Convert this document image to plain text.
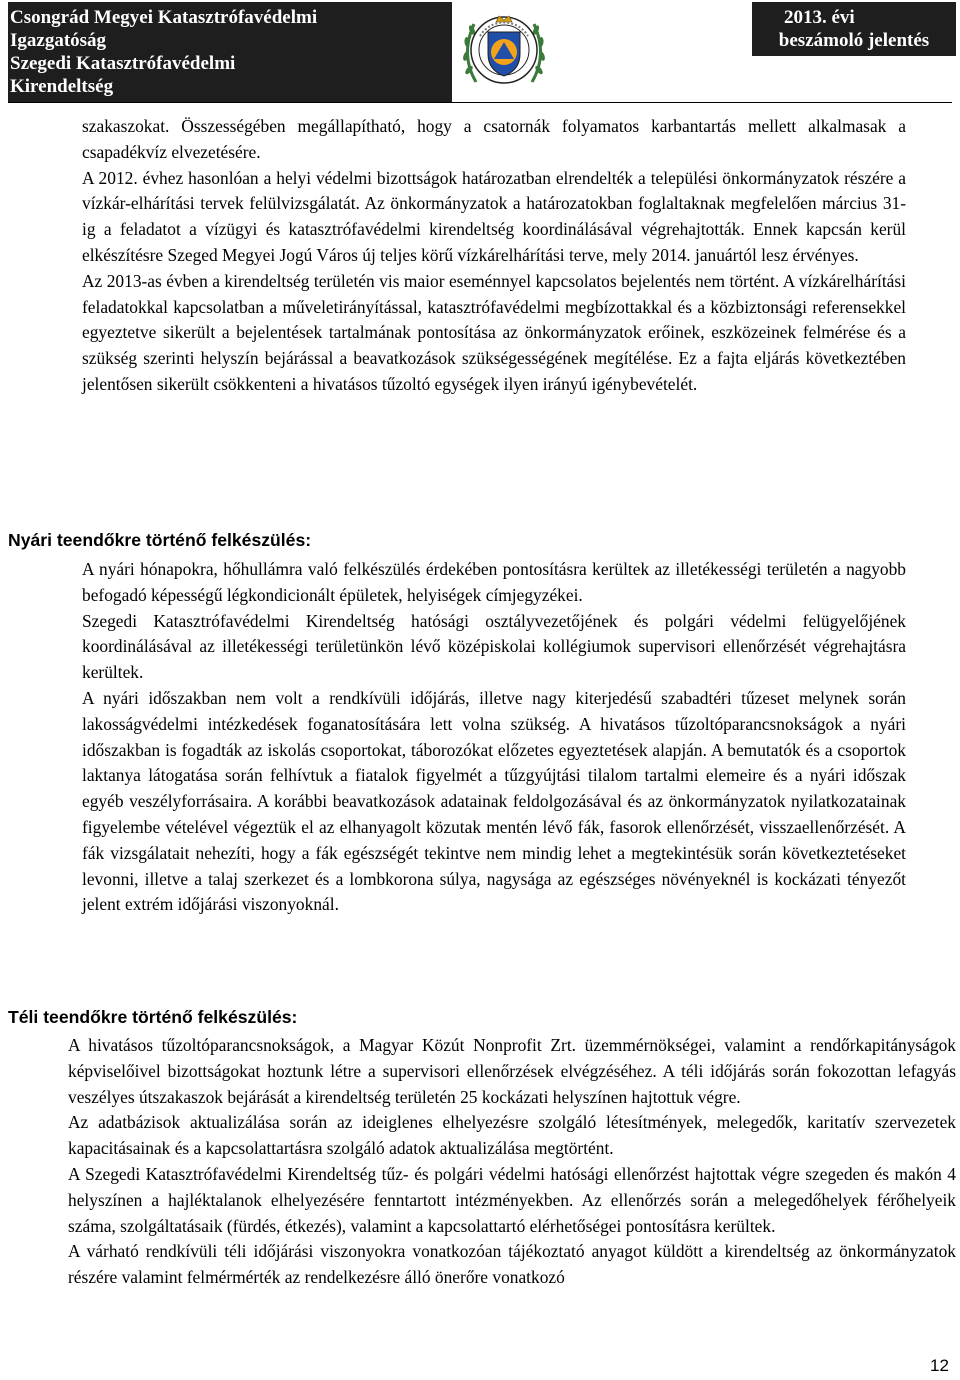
Csongrád Megyei Katasztrófavédelmi
Igazgatóság
Szegedi Katasztrófavédelmi
Kirendeltség
2013. évi
beszámoló jelentés

szakaszokat. Összességében megállapítható, hogy a csatornák folyamatos karbantartás mellett alkalmasak a csapadékvíz elvezetésére.

A 2012. évhez hasonlóan a helyi védelmi bizottságok határozatban elrendelték a települési önkormányzatok részére a vízkár-elhárítási tervek felülvizsgálatát. Az önkormányzatok a határozatokban foglaltaknak megfelelően március 31-ig a feladatot a vízügyi és katasztrófavédelmi kirendeltség koordinálásával végrehajtották. Ennek kapcsán kerül elkészítésre Szeged Megyei Jogú Város új teljes körű vízkárelhárítási terve, mely 2014. januártól lesz érvényes.

Az 2013-as évben a kirendeltség területén vis maior eseménnyel kapcsolatos bejelentés nem történt. A vízkárelhárítási feladatokkal kapcsolatban a műveletirányítással, katasztrófavédelmi megbízottakkal és a közbiztonsági referensekkel egyeztetve sikerült a bejelentések tartalmának pontosítása az önkormányzatok erőinek, eszközeinek felmérése és a szükség szerinti helyszín bejárással a beavatkozások szükségességének megítélése. Ez a fajta eljárás következtében jelentősen sikerült csökkenteni a hivatásos tűzoltó egységek ilyen irányú igénybevételét.

Nyári teendőkre történő felkészülés:

A nyári hónapokra, hőhullámra való felkészülés érdekében pontosításra kerültek az illetékességi területén a nagyobb befogadó képességű légkondicionált épületek, helyiségek címjegyzékei.

Szegedi Katasztrófavédelmi Kirendeltség hatósági osztályvezetőjének és polgári védelmi felügyelőjének koordinálásával az illetékességi területünkön lévő középiskolai kollégiumok supervisori ellenőrzését végrehajtásra kerültek.

A nyári időszakban nem volt a rendkívüli időjárás, illetve nagy kiterjedésű szabadtéri tűzeset melynek során lakosságvédelmi intézkedések foganatosítására lett volna szükség. A hivatásos tűzoltóparancsnokságok a nyári időszakban is fogadták az iskolás csoportokat, táborozókat előzetes egyeztetések alapján. A bemutatók és a csoportok laktanya látogatása során felhívtuk a fiatalok figyelmét a tűzgyújtási tilalom tartalmi elemeire és a nyári időszak egyéb veszélyforrásaira. A korábbi beavatkozások adatainak feldolgozásával és az önkormányzatok nyilatkozatainak figyelembe vételével végeztük el az elhanyagolt közutak mentén lévő fák, fasorok ellenőrzését, visszaellenőrzését. A fák vizsgálatait nehezíti, hogy a fák egészségét tekintve nem mindig lehet a megtekintésük során következtetéseket levonni, illetve a talaj szerkezet és a lombkorona súlya, nagysága az egészséges növényeknél is kockázati tényezőt jelent extrém időjárási viszonyoknál.

Téli teendőkre történő felkészülés:

A hivatásos tűzoltóparancsnokságok, a Magyar Közút Nonprofit Zrt. üzemmérnökségei, valamint a rendőrkapitányságok képviselőivel bizottságokat hoztunk létre a supervisori ellenőrzések elvégzéséhez. A téli időjárás során fokozottan lefagyás veszélyes útszakaszok bejárását a kirendeltség területén 25 kockázati helyszínen hajtottuk végre.

Az adatbázisok aktualizálása során az ideiglenes elhelyezésre szolgáló létesítmények, melegedők, karitatív szervezetek kapacitásainak és a kapcsolattartásra szolgáló adatok aktualizálása megtörtént.

A Szegedi Katasztrófavédelmi Kirendeltség tűz- és polgári védelmi hatósági ellenőrzést hajtottak végre szegeden és makón 4 helyszínen a hajléktalanok elhelyezésére fenntartott intézményekben. Az ellenőrzés során a melegedőhelyek férőhelyeik száma, szolgáltatásaik (fürdés, étkezés), valamint a kapcsolattartó elérhetőségei pontosításra kerültek.

A várható rendkívüli téli időjárási viszonyokra vonatkozóan tájékoztató anyagot küldött a kirendeltség az önkormányzatok részére valamint felmérmérték az rendelkezésre álló önerőre vonatkozó

12
